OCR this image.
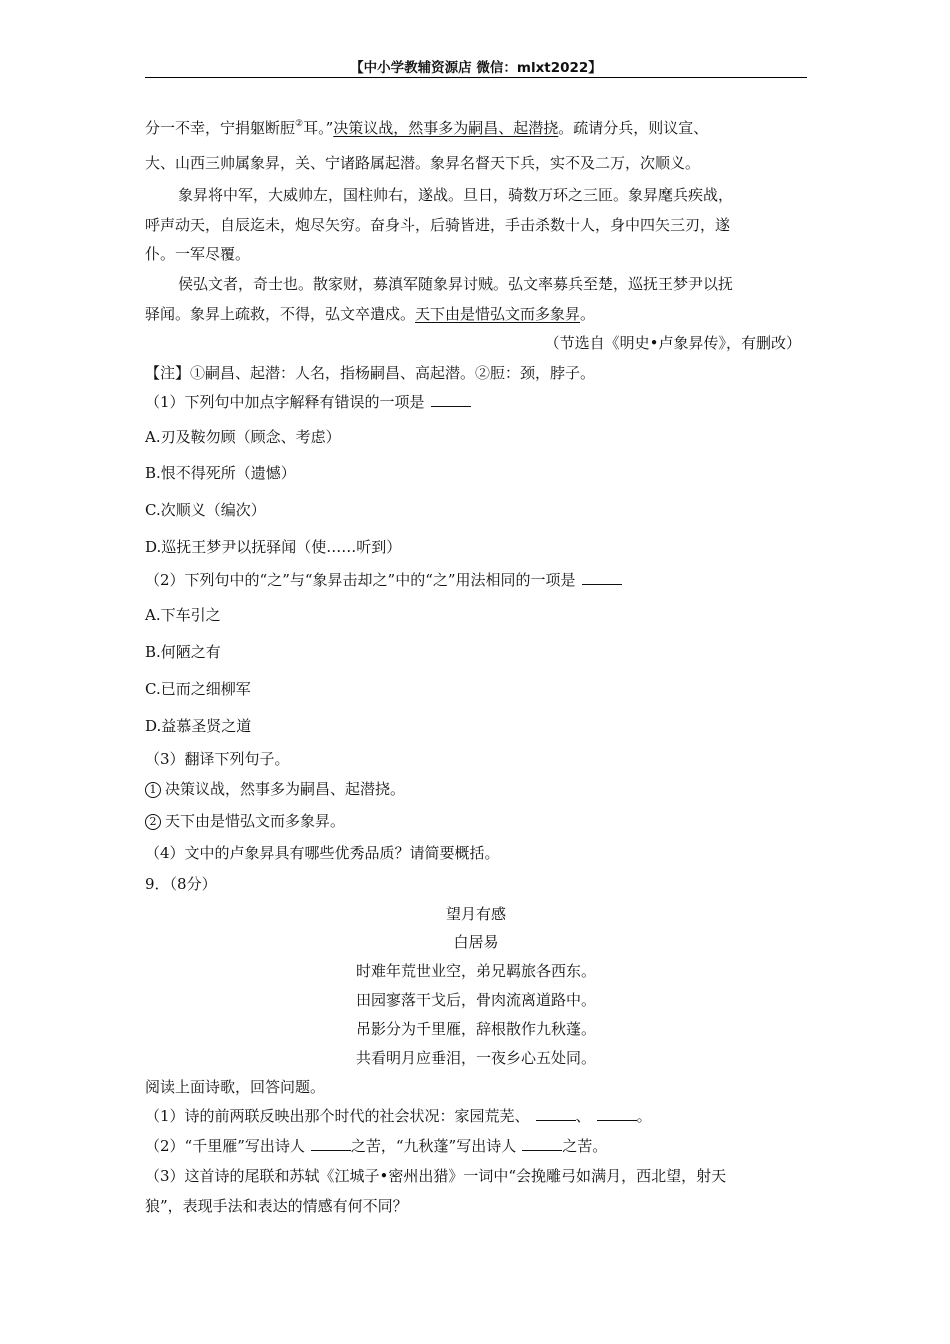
【中小学教辅资源店 微信：mlxt2022】
分一不幸，宁捐躯断脰②耳。”决策议战，然事多为嗣昌、起潜挠。疏请分兵，则议宣、
大、山西三帅属象昇，关、宁诸路属起潜。象昇名督天下兵，实不及二万，次顺义。
象昇将中军，大威帅左，国柱帅右，遂战。旦日，骑数万环之三匝。象昇麾兵疾战，
呼声动天，自辰迄未，炮尽矢穷。奋身斗，后骑皆进，手击杀数十人，身中四矢三刃，遂
仆。一军尽覆。
侯弘文者，奇士也。散家财，募滇军随象昇讨贼。弘文率募兵至楚，巡抚王梦尹以抚
驿闻。象昇上疏救，不得，弘文卒遣戍。天下由是惜弘文而多象昇。
（节选自《明史•卢象昇传》，有删改）
【注】①嗣昌、起潜：人名，指杨嗣昌、高起潜。②脰：颈，脖子。
（1）下列句中加点字解释有错误的一项是
A.刃及鞍勿顾（顾念、考虑）
B.恨不得死所（遗憾）
C.次顺义（编次）
D.巡抚王梦尹以抚驿闻（使……听到）
（2）下列句中的“之”与“象昇击却之”中的“之”用法相同的一项是
A.下车引之
B.何陋之有
C.已而之细柳军
D.益慕圣贤之道
（3）翻译下列句子。
1 决策议战，然事多为嗣昌、起潜挠。
2 天下由是惜弘文而多象昇。
（4）文中的卢象昇具有哪些优秀品质？请简要概括。
9．（8分）
望月有感
白居易
时难年荒世业空，弟兄羁旅各西东。
田园寥落干戈后，骨肉流离道路中。
吊影分为千里雁，辞根散作九秋蓬。
共看明月应垂泪，一夜乡心五处同。
阅读上面诗歌，回答问题。
（1）诗的前两联反映出那个时代的社会状况：家园荒芜、	、	。
（2）“千里雁”写出诗人	之苦，“九秋蓬”写出诗人	之苦。
（3）这首诗的尾联和苏轼《江城子•密州出猎》一词中“会挽雕弓如满月，西北望，射天
狼”，表现手法和表达的情感有何不同？
